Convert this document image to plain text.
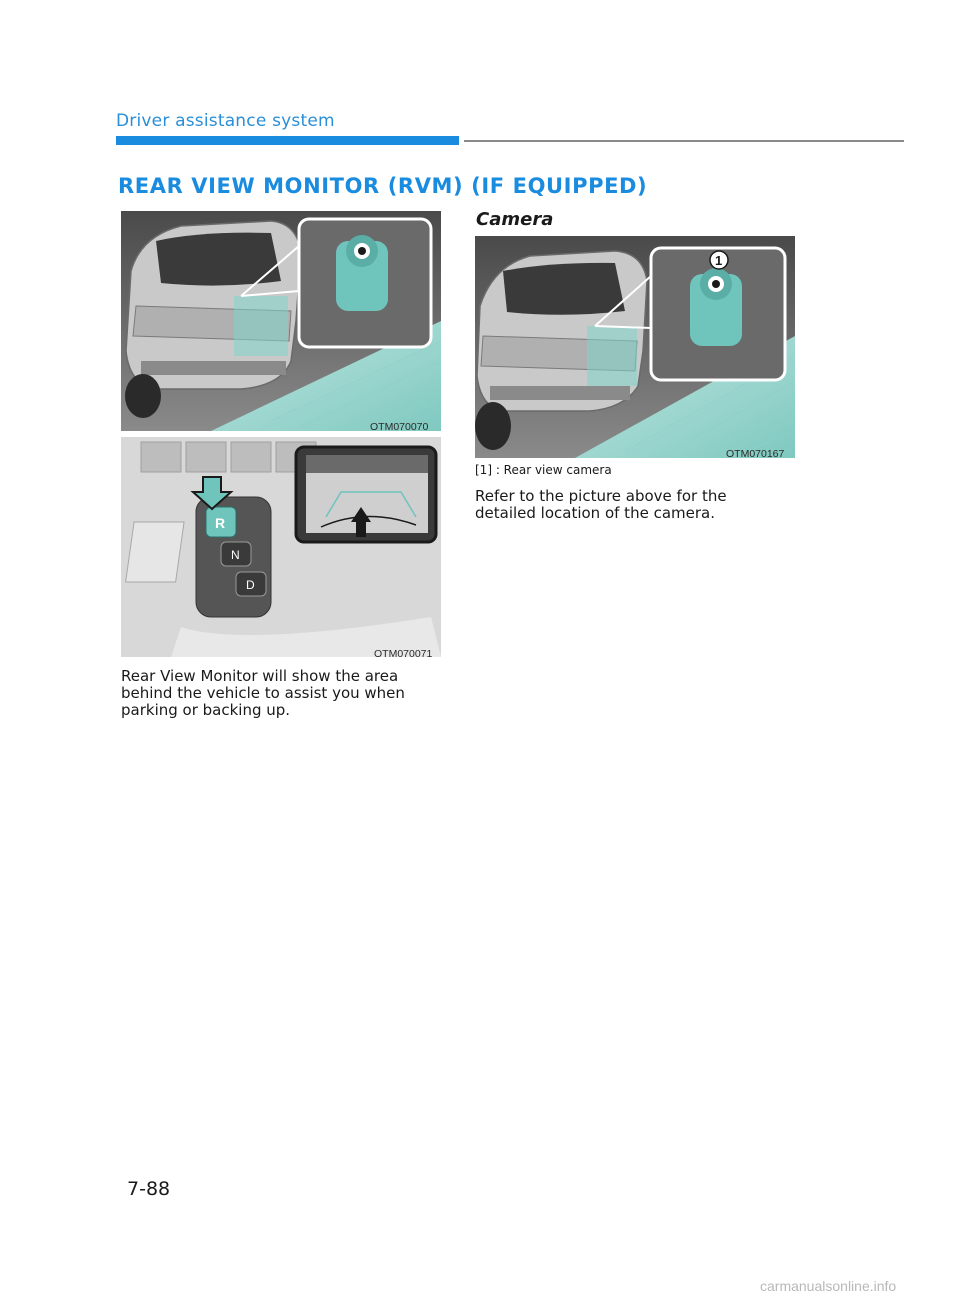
Driver assistance system
REAR VIEW MONITOR (RVM) (IF EQUIPPED)
OTM070070
R
N
D
OTM070071
Rear View Monitor will show the area
behind the vehicle to assist you when
parking or backing up.
Camera
1
OTM070167
[1] : Rear view camera
Refer to the picture above for the
detailed location of the camera.
7-88
carmanualsonline.info
